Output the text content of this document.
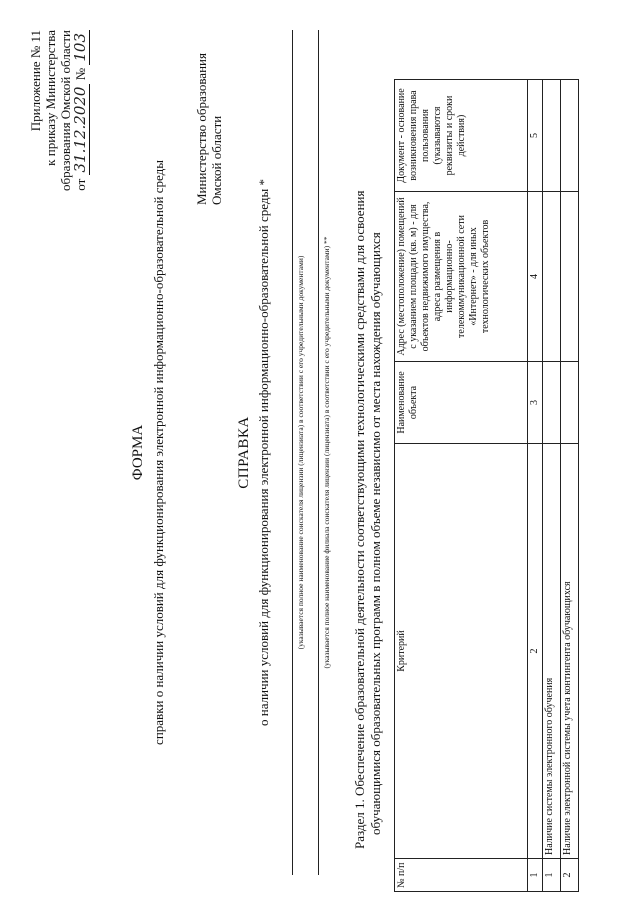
Приложение № 11 к приказу Министерства образования Омской области от 31.12.2020 № 103
ФОРМА справки о наличии условий для функционирования электронной информационно-образовательной среды
Министерство образования Омской области
СПРАВКА о наличии условий для функционирования электронной информационно-образовательной среды *	(указывается полное наименование соискателя лицензии (лицензиата) в соответствии с его учредительными документами) (указывается полное наименование филиала соискателя лицензии (лицензиата) в соответствии с его учредительными документами) ** Раздел 1. Обеспечение образовательной деятельности соответствующими технологическими средствами для освоения обучающимися образовательных программ в полном объеме независимо от места нахождения обучающихся
№ п/п	Критерий	Наименование объекта	Адрес (местоположение) помещений с указанием площади (кв. м) - для объектов недвижимого имущества, адреса размещения в информационно-телекоммуникационной сети «Интернет» - для иных технологических объектов	Документ - основание возникновения права пользования (указываются реквизиты и сроки действия)
1	2	3	4	5
1	Наличие системы электронного обучения			
2	Наличие электронной системы учета контингента обучающихся			
